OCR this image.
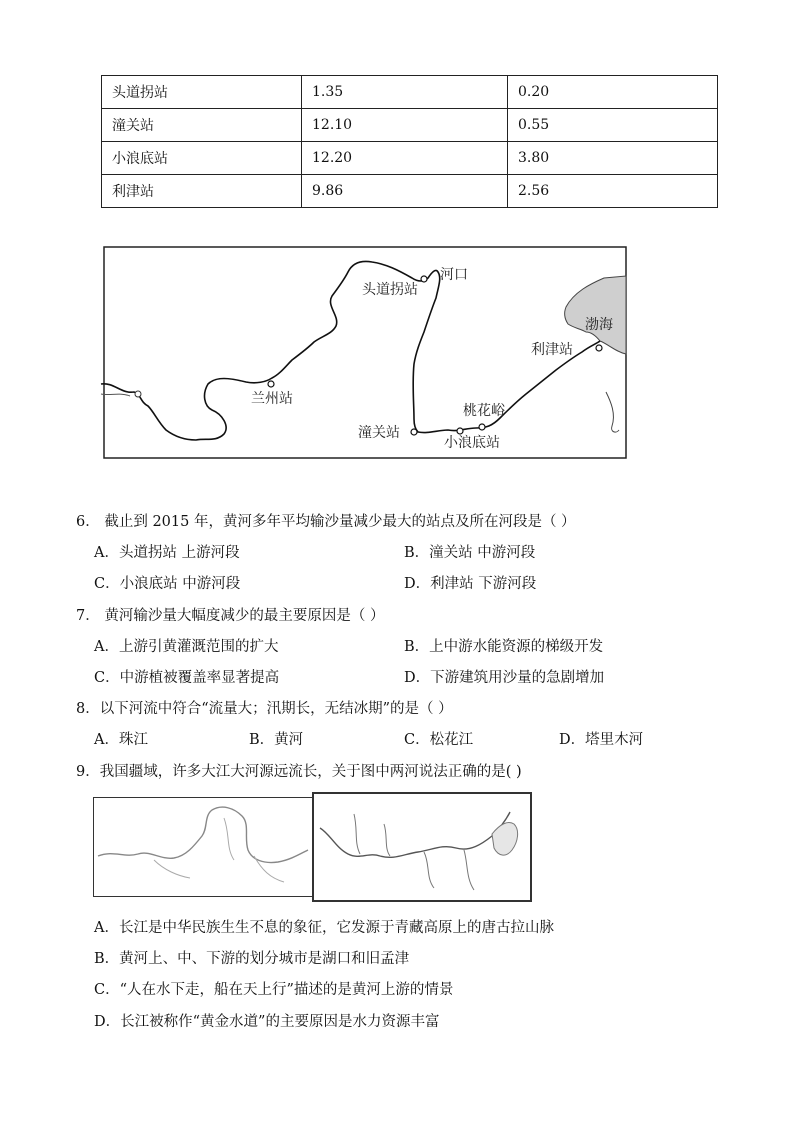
头道拐站	1.35	0.20
潼关站	12.10	0.55
小浪底站	12.20	3.80
利津站	9.86	2.56
河口
头道拐站
渤海
利津站
兰州站
桃花峪
潼关站
小浪底站
6． 截止到 2015 年，黄河多年平均输沙量减少最大的站点及所在河段是（ ）
A．头道拐站 上游河段	B．潼关站 中游河段
C．小浪底站 中游河段	D．利津站 下游河段
7． 黄河输沙量大幅度减少的最主要原因是（ ）
A．上游引黄灌溉范围的扩大	B．上中游水能资源的梯级开发
C．中游植被覆盖率显著提高	D．下游建筑用沙量的急剧增加
8．以下河流中符合“流量大；汛期长，无结冰期”的是（ ）
A．珠江	B．黄河	C．松花江	D．塔里木河
9．我国疆域，许多大江大河源远流长，关于图中两河说法正确的是( )
A．长江是中华民族生生不息的象征，它发源于青藏高原上的唐古拉山脉
B．黄河上、中、下游的划分城市是湖口和旧孟津
C．“人在水下走，船在天上行”描述的是黄河上游的情景
D．长江被称作“黄金水道”的主要原因是水力资源丰富
